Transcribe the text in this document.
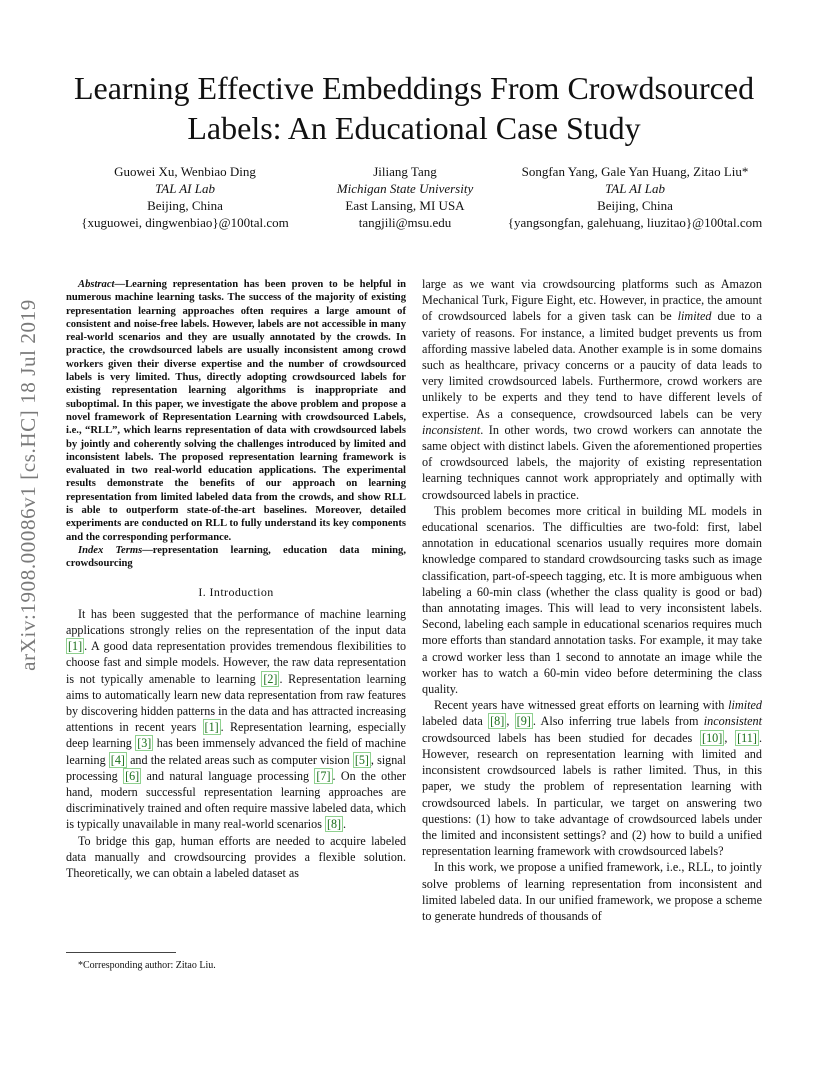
arXiv:1908.00086v1 [cs.HC] 18 Jul 2019
Learning Effective Embeddings From Crowdsourced Labels: An Educational Case Study
Guowei Xu, Wenbiao Ding
TAL AI Lab
Beijing, China
{xuguowei, dingwenbiao}@100tal.com
Jiliang Tang
Michigan State University
East Lansing, MI USA
tangjili@msu.edu
Songfan Yang, Gale Yan Huang, Zitao Liu*
TAL AI Lab
Beijing, China
{yangsongfan, galehuang, liuzitao}@100tal.com

Abstract—Learning representation has been proven to be helpful in numerous machine learning tasks. The success of the majority of existing representation learning approaches often requires a large amount of consistent and noise-free labels. However, labels are not accessible in many real-world scenarios and they are usually annotated by the crowds. In practice, the crowdsourced labels are usually inconsistent among crowd workers given their diverse expertise and the number of crowdsourced labels is very limited. Thus, directly adopting crowdsourced labels for existing representation learning algorithms is inappropriate and suboptimal. In this paper, we investigate the above problem and propose a novel framework of Representation Learning with crowdsourced Labels, i.e., “RLL”, which learns representation of data with crowdsourced labels by jointly and coherently solving the challenges introduced by limited and inconsistent labels. The proposed representation learning framework is evaluated in two real-world education applications. The experimental results demonstrate the benefits of our approach on learning representation from limited labeled data from the crowds, and show RLL is able to outperform state-of-the-art baselines. Moreover, detailed experiments are conducted on RLL to fully understand its key components and the corresponding performance.

Index Terms—representation learning, education data mining, crowdsourcing

I. Introduction

It has been suggested that the performance of machine learning applications strongly relies on the representation of the input data [1] . A good data representation provides tremendous flexibilities to choose fast and simple models. However, the raw data representation is not typically amenable to learning [2] . Representation learning aims to automatically learn new data representation from raw features by discovering hidden patterns in the data and has attracted increasing attentions in recent years [1] . Representation learning, especially deep learning [3] has been immensely advanced the field of machine learning [4] and the related areas such as computer vision [5] , signal processing [6] and natural language processing [7] . On the other hand, modern successful representation learning approaches are discriminatively trained and often require massive labeled data, which is typically unavailable in many real-world scenarios [8] .

To bridge this gap, human efforts are needed to acquire labeled data manually and crowdsourcing provides a flexible solution. Theoretically, we can obtain a labeled dataset as

*Corresponding author: Zitao Liu.

large as we want via crowdsourcing platforms such as Amazon Mechanical Turk, Figure Eight, etc. However, in practice, the amount of crowdsourced labels for a given task can be limited due to a variety of reasons. For instance, a limited budget prevents us from affording massive labeled data. Another example is in some domains such as healthcare, privacy concerns or a paucity of data leads to very limited crowdsourced labels. Furthermore, crowd workers are unlikely to be experts and they tend to have different levels of expertise. As a consequence, crowdsourced labels can be very inconsistent. In other words, two crowd workers can annotate the same object with distinct labels. Given the aforementioned properties of crowdsourced labels, the majority of existing representation learning techniques cannot work appropriately and optimally with crowdsourced labels in practice.

This problem becomes more critical in building ML models in educational scenarios. The difficulties are two-fold: first, label annotation in educational scenarios usually requires more domain knowledge compared to standard crowdsourcing tasks such as image classification, part-of-speech tagging, etc. It is more ambiguous when labeling a 60-min class (whether the class quality is good or bad) than annotating images. This will lead to very inconsistent labels. Second, labeling each sample in educational scenarios requires much more efforts than standard annotation tasks. For example, it may take a crowd worker less than 1 second to annotate an image while the worker has to watch a 60-min video before determining the class quality.

Recent years have witnessed great efforts on learning with limited labeled data [8] , [9] . Also inferring true labels from inconsistent crowdsourced labels has been studied for decades [10] , [11] . However, research on representation learning with limited and inconsistent crowdsourced labels is rather limited. Thus, in this paper, we study the problem of representation learning with crowdsourced labels. In particular, we target on answering two questions: (1) how to take advantage of crowdsourced labels under the limited and inconsistent settings? and (2) how to build a unified representation learning framework with crowdsourced labels?

In this work, we propose a unified framework, i.e., RLL, to jointly solve problems of learning representation from inconsistent and limited labeled data. In our unified framework, we propose a scheme to generate hundreds of thousands of
